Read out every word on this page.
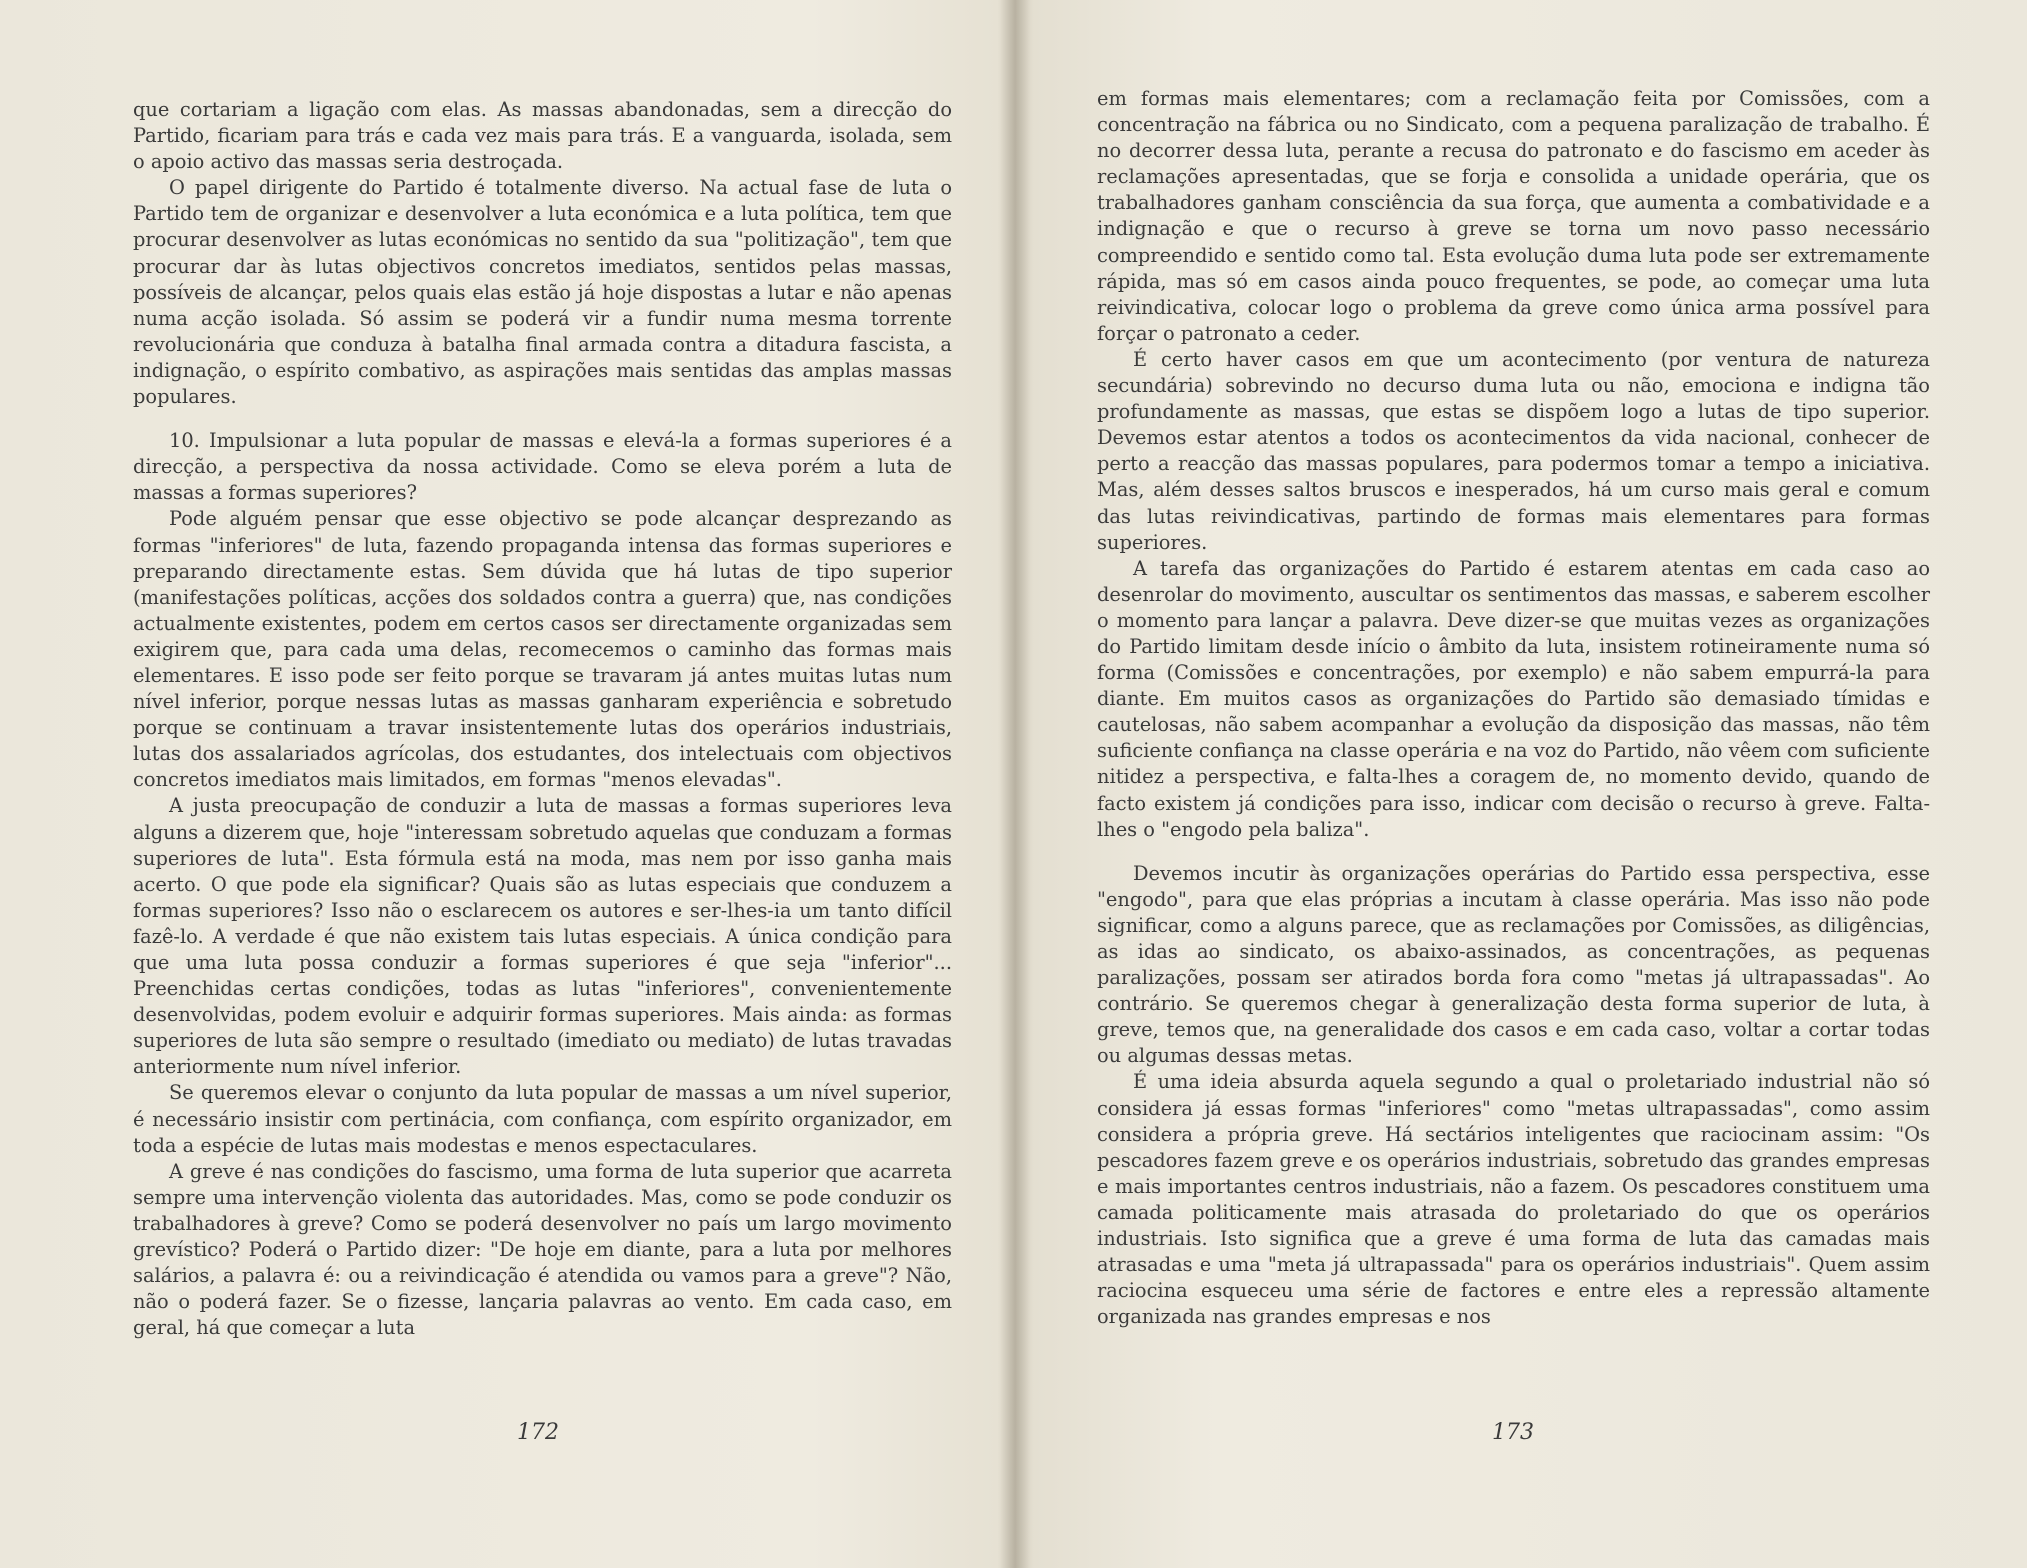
que cortariam a ligação com elas. As massas abandonadas, sem a direcção do Partido, ficariam para trás e cada vez mais para trás. E a vanguarda, isolada, sem o apoio activo das massas seria destroçada.

O papel dirigente do Partido é totalmente diverso. Na actual fase de luta o Partido tem de organizar e desenvolver a luta económica e a luta política, tem que procurar desenvolver as lutas económicas no sentido da sua "politização", tem que procurar dar às lutas objectivos concretos imediatos, sentidos pelas massas, possíveis de alcançar, pelos quais elas estão já hoje dispostas a lutar e não apenas numa acção isolada. Só assim se poderá vir a fundir numa mesma torrente revolucionária que conduza à batalha final armada contra a ditadura fascista, a indignação, o espírito combativo, as aspirações mais sentidas das amplas massas populares.

10. Impulsionar a luta popular de massas e elevá-la a formas superiores é a direcção, a perspectiva da nossa actividade. Como se eleva porém a luta de massas a formas superiores?

Pode alguém pensar que esse objectivo se pode alcançar desprezando as formas "inferiores" de luta, fazendo propaganda intensa das formas superiores e preparando directamente estas. Sem dúvida que há lutas de tipo superior (manifestações políticas, acções dos soldados contra a guerra) que, nas condições actualmente existentes, podem em certos casos ser directamente organizadas sem exigirem que, para cada uma delas, recomecemos o caminho das formas mais elementares. E isso pode ser feito porque se travaram já antes muitas lutas num nível inferior, porque nessas lutas as massas ganharam experiência e sobretudo porque se continuam a travar insistentemente lutas dos operários industriais, lutas dos assalariados agrícolas, dos estudantes, dos intelectuais com objectivos concretos imediatos mais limitados, em formas "menos elevadas".

A justa preocupação de conduzir a luta de massas a formas superiores leva alguns a dizerem que, hoje "interessam sobretudo aquelas que conduzam a formas superiores de luta". Esta fórmula está na moda, mas nem por isso ganha mais acerto. O que pode ela significar? Quais são as lutas especiais que conduzem a formas superiores? Isso não o esclarecem os autores e ser-lhes-ia um tanto difícil fazê-lo. A verdade é que não existem tais lutas especiais. A única condição para que uma luta possa conduzir a formas superiores é que seja "inferior"... Preenchidas certas condições, todas as lutas "inferiores", convenientemente desenvolvidas, podem evoluir e adquirir formas superiores. Mais ainda: as formas superiores de luta são sempre o resultado (imediato ou mediato) de lutas travadas anteriormente num nível inferior.

Se queremos elevar o conjunto da luta popular de massas a um nível superior, é necessário insistir com pertinácia, com confiança, com espírito organizador, em toda a espécie de lutas mais modestas e menos espectaculares.

A greve é nas condições do fascismo, uma forma de luta superior que acarreta sempre uma intervenção violenta das autoridades. Mas, como se pode conduzir os trabalhadores à greve? Como se poderá desenvolver no país um largo movimento grevístico? Poderá o Partido dizer: "De hoje em diante, para a luta por melhores salários, a palavra é: ou a reivindicação é atendida ou vamos para a greve"? Não, não o poderá fazer. Se o fizesse, lançaria palavras ao vento. Em cada caso, em geral, há que começar a luta

172

em formas mais elementares; com a reclamação feita por Comissões, com a concentração na fábrica ou no Sindicato, com a pequena paralização de trabalho. É no decorrer dessa luta, perante a recusa do patronato e do fascismo em aceder às reclamações apresentadas, que se forja e consolida a unidade operária, que os trabalhadores ganham consciência da sua força, que aumenta a combatividade e a indignação e que o recurso à greve se torna um novo passo necessário compreendido e sentido como tal. Esta evolução duma luta pode ser extremamente rápida, mas só em casos ainda pouco frequentes, se pode, ao começar uma luta reivindicativa, colocar logo o problema da greve como única arma possível para forçar o patronato a ceder.

É certo haver casos em que um acontecimento (por ventura de natureza secundária) sobrevindo no decurso duma luta ou não, emociona e indigna tão profundamente as massas, que estas se dispõem logo a lutas de tipo superior. Devemos estar atentos a todos os acontecimentos da vida nacional, conhecer de perto a reacção das massas populares, para podermos tomar a tempo a iniciativa. Mas, além desses saltos bruscos e inesperados, há um curso mais geral e comum das lutas reivindicativas, partindo de formas mais elementares para formas superiores.

A tarefa das organizações do Partido é estarem atentas em cada caso ao desenrolar do movimento, auscultar os sentimentos das massas, e saberem escolher o momento para lançar a palavra. Deve dizer-se que muitas vezes as organizações do Partido limitam desde início o âmbito da luta, insistem rotineiramente numa só forma (Comissões e concentrações, por exemplo) e não sabem empurrá-la para diante. Em muitos casos as organizações do Partido são demasiado tímidas e cautelosas, não sabem acompanhar a evolução da disposição das massas, não têm suficiente confiança na classe operária e na voz do Partido, não vêem com suficiente nitidez a perspectiva, e falta-lhes a coragem de, no momento devido, quando de facto existem já condições para isso, indicar com decisão o recurso à greve. Falta-lhes o "engodo pela baliza".

Devemos incutir às organizações operárias do Partido essa perspectiva, esse "engodo", para que elas próprias a incutam à classe operária. Mas isso não pode significar, como a alguns parece, que as reclamações por Comissões, as diligências, as idas ao sindicato, os abaixo-assinados, as concentrações, as pequenas paralizações, possam ser atirados borda fora como "metas já ultrapassadas". Ao contrário. Se queremos chegar à generalização desta forma superior de luta, à greve, temos que, na generalidade dos casos e em cada caso, voltar a cortar todas ou algumas dessas metas.

É uma ideia absurda aquela segundo a qual o proletariado industrial não só considera já essas formas "inferiores" como "metas ultrapassadas", como assim considera a própria greve. Há sectários inteligentes que raciocinam assim: "Os pescadores fazem greve e os operários industriais, sobretudo das grandes empresas e mais importantes centros industriais, não a fazem. Os pescadores constituem uma camada politicamente mais atrasada do proletariado do que os operários industriais. Isto significa que a greve é uma forma de luta das camadas mais atrasadas e uma "meta já ultrapassada" para os operários industriais". Quem assim raciocina esqueceu uma série de factores e entre eles a repressão altamente organizada nas grandes empresas e nos

173
